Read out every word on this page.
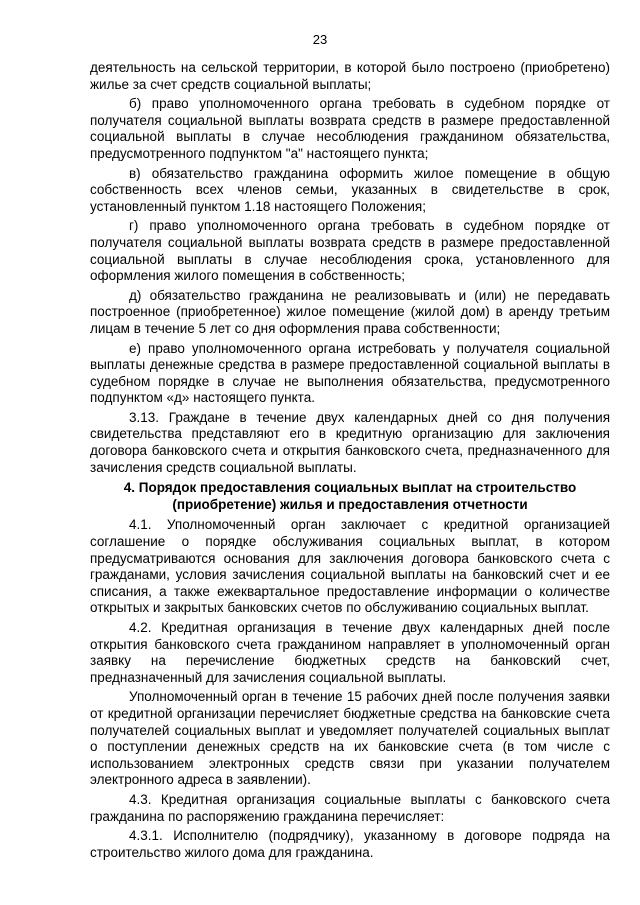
23

деятельность на сельской территории, в которой было построено (приобретено) жилье за счет средств социальной выплаты;

б) право уполномоченного органа требовать в судебном порядке от получателя социальной выплаты возврата средств в размере предоставленной социальной выплаты в случае несоблюдения гражданином обязательства, предусмотренного подпунктом "а" настоящего пункта;

в) обязательство гражданина оформить жилое помещение в общую собственность всех членов семьи, указанных в свидетельстве в срок, установленный пунктом 1.18 настоящего Положения;

г) право уполномоченного органа требовать в судебном порядке от получателя социальной выплаты возврата средств в размере предоставленной социальной выплаты в случае несоблюдения срока, установленного для оформления жилого помещения в собственность;

д) обязательство гражданина не реализовывать и (или) не передавать построенное (приобретенное) жилое помещение (жилой дом) в аренду третьим лицам в течение 5 лет со дня оформления права собственности;

е) право уполномоченного органа истребовать у получателя социальной выплаты денежные средства в размере предоставленной социальной выплаты в судебном порядке в случае не выполнения обязательства, предусмотренного подпунктом «д» настоящего пункта.

3.13. Граждане в течение двух календарных дней со дня получения свидетельства представляют его в кредитную организацию для заключения договора банковского счета и открытия банковского счета, предназначенного для зачисления средств социальной выплаты.

4. Порядок предоставления социальных выплат на строительство
(приобретение) жилья и предоставления отчетности

4.1. Уполномоченный орган заключает с кредитной организацией соглашение о порядке обслуживания социальных выплат, в котором предусматриваются основания для заключения договора банковского счета с гражданами, условия зачисления социальной выплаты на банковский счет и ее списания, а также ежеквартальное предоставление информации о количестве открытых и закрытых банковских счетов по обслуживанию социальных выплат.

4.2. Кредитная организация в течение двух календарных дней после открытия банковского счета гражданином направляет в уполномоченный орган заявку на перечисление бюджетных средств на банковский счет, предназначенный для зачисления социальной выплаты.

Уполномоченный орган в течение 15 рабочих дней после получения заявки от кредитной организации перечисляет бюджетные средства на банковские счета получателей социальных выплат и уведомляет получателей социальных выплат о поступлении денежных средств на их банковские счета (в том числе с использованием электронных средств связи при указании получателем электронного адреса в заявлении).

4.3. Кредитная организация социальные выплаты с банковского счета гражданина по распоряжению гражданина перечисляет:

4.3.1. Исполнителю (подрядчику), указанному в договоре подряда на строительство жилого дома для гражданина.
